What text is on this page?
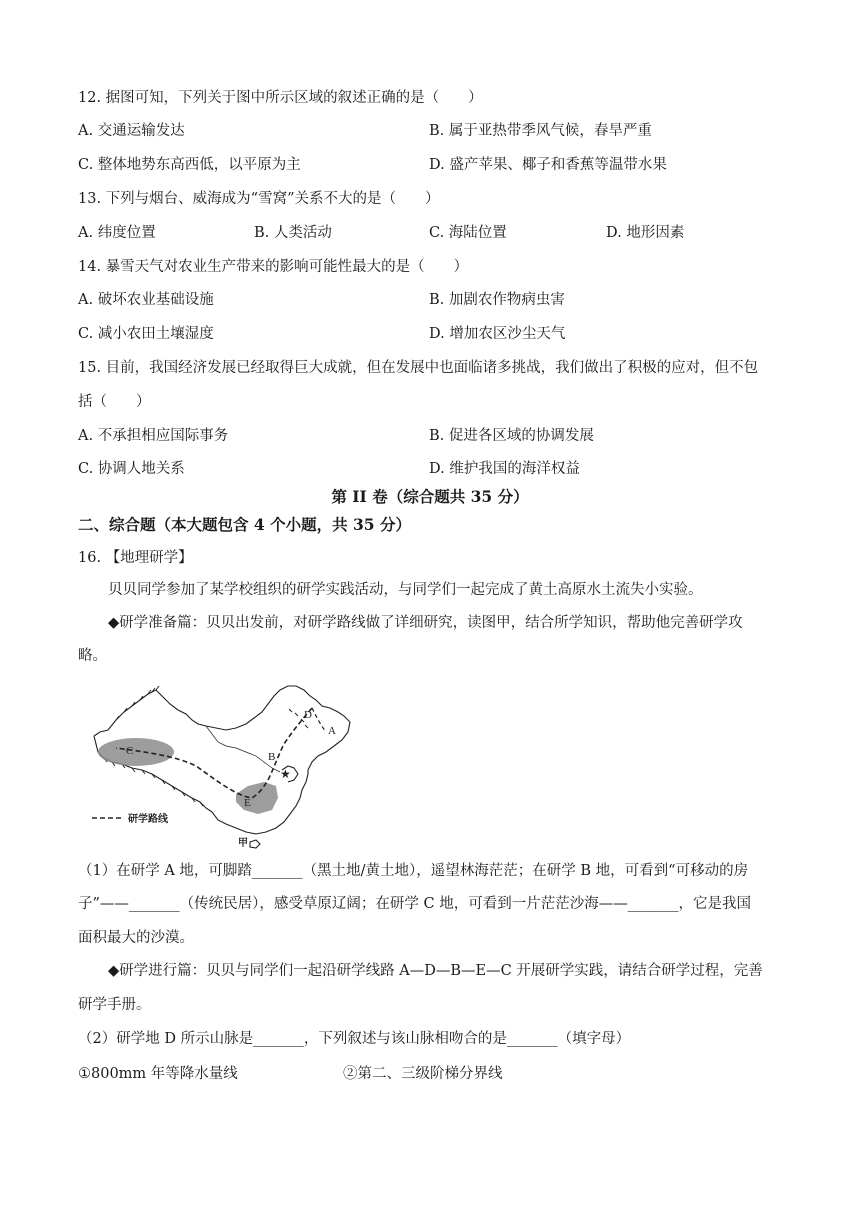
12. 据图可知，下列关于图中所示区域的叙述正确的是（　　）
A. 交通运输发达	B. 属于亚热带季风气候，春旱严重
C. 整体地势东高西低，以平原为主	D. 盛产苹果、椰子和香蕉等温带水果
13. 下列与烟台、威海成为“雪窝”关系不大的是（　　）
A. 纬度位置	B. 人类活动	C. 海陆位置	D. 地形因素
14. 暴雪天气对农业生产带来的影响可能性最大的是（　　）
A. 破坏农业基础设施	B. 加剧农作物病虫害
C. 减小农田土壤湿度	D. 增加农区沙尘天气
15. 目前，我国经济发展已经取得巨大成就，但在发展中也面临诸多挑战，我们做出了积极的应对，但不包
括（　　）
A. 不承担相应国际事务	B. 促进各区域的协调发展
C. 协调人地关系	D. 维护我国的海洋权益
第 II 卷（综合题共 35 分）
二、综合题（本大题包含 4 个小题，共 35 分）
16. 【地理研学】
贝贝同学参加了某学校组织的研学实践活动，与同学们一起完成了黄土高原水土流失小实验。
◆研学准备篇：贝贝出发前，对研学路线做了详细研究，读图甲，结合所学知识，帮助他完善研学攻
略。
★
C
D
A
B
E
研学路线
甲
（1）在研学 A 地，可脚踏_______（黑土地/黄土地），遥望林海茫茫；在研学 B 地，可看到“可移动的房
子”——_______（传统民居），感受草原辽阔；在研学 C 地，可看到一片茫茫沙海——_______，它是我国
面积最大的沙漠。
◆研学进行篇：贝贝与同学们一起沿研学线路 A—D—B—E—C 开展研学实践，请结合研学过程，完善
研学手册。
（2）研学地 D 所示山脉是_______，下列叙述与该山脉相吻合的是_______（填字母）
①800mm 年等降水量线	②第二、三级阶梯分界线
